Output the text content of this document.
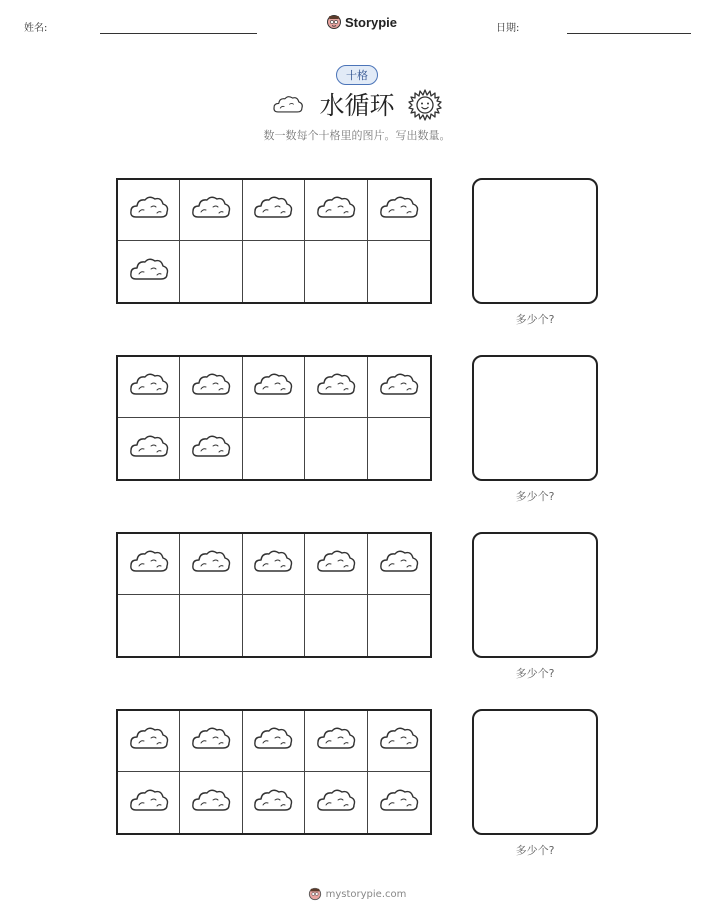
姓名:	Storypie	日期:
十格
水循环
数一数每个十格里的图片。写出数量。
多少个?
多少个?
多少个?
多少个?
mystorypie.com
